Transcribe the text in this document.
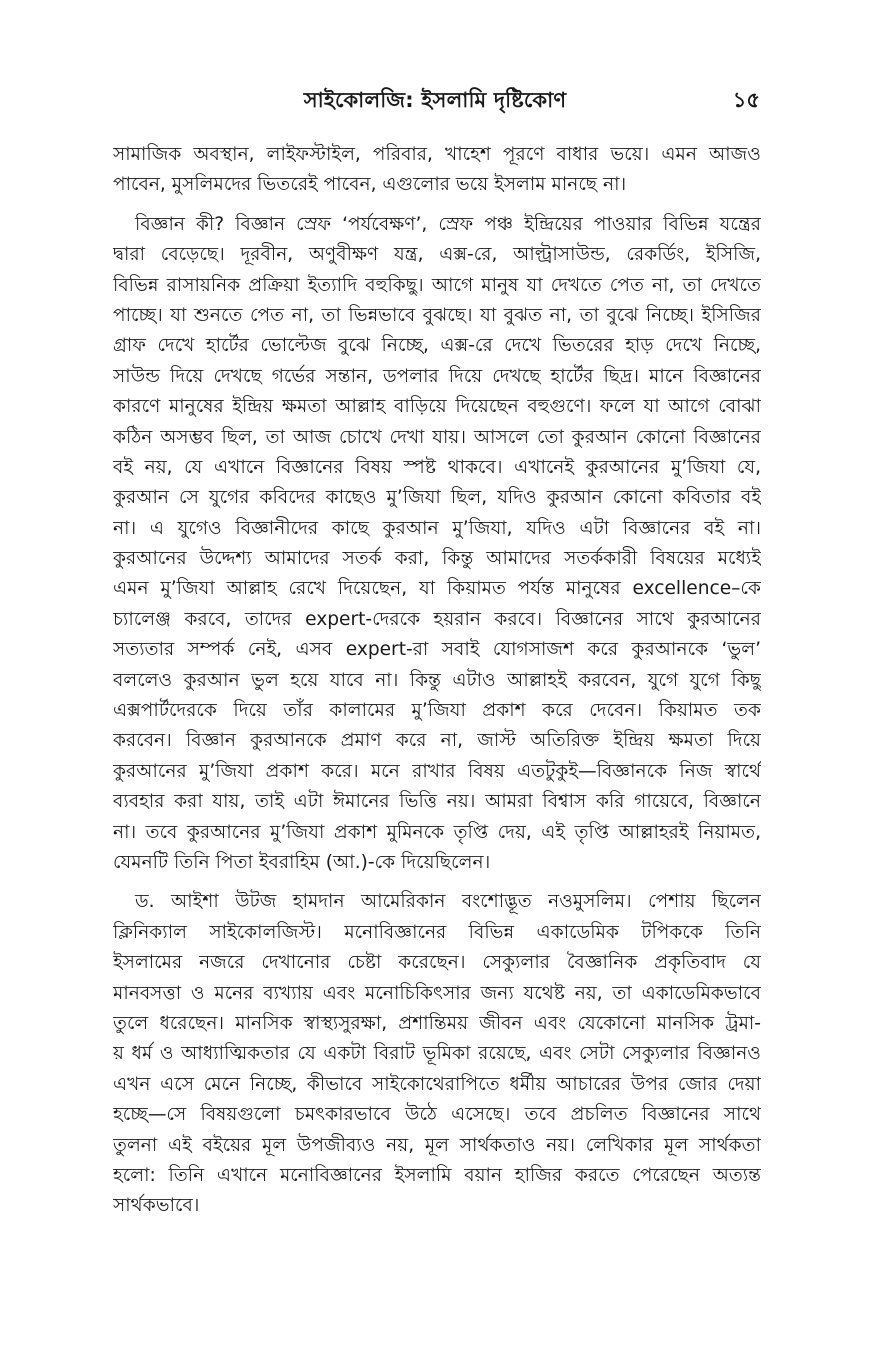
সাইকোলজি: ইসলামি দৃষ্টিকোণ	১৫
সামাজিক অবস্থান, লাইফস্টাইল, পরিবার, খাহেশ পূরণে বাধার ভয়ে। এমন আজও
পাবেন, মুসলিমদের ভিতরেই পাবেন, এগুলোর ভয়ে ইসলাম মানছে না।
বিজ্ঞান কী? বিজ্ঞান স্রেফ ‘পর্যবেক্ষণ’, স্রেফ পঞ্চ ইন্দ্রিয়ের পাওয়ার বিভিন্ন যন্ত্রের
দ্বারা বেড়েছে। দূরবীন, অণুবীক্ষণ যন্ত্র, এক্স-রে, আল্ট্রাসাউন্ড, রেকর্ডিং, ইসিজি,
বিভিন্ন রাসায়নিক প্রক্রিয়া ইত্যাদি বহুকিছু। আগে মানুষ যা দেখতে পেত না, তা দেখতে
পাচ্ছে। যা শুনতে পেত না, তা ভিন্নভাবে বুঝছে। যা বুঝত না, তা বুঝে নিচ্ছে। ইসিজির
গ্রাফ দেখে হার্টের ভোল্টেজ বুঝে নিচ্ছে, এক্স-রে দেখে ভিতরের হাড় দেখে নিচ্ছে,
সাউন্ড দিয়ে দেখছে গর্ভের সন্তান, ডপলার দিয়ে দেখছে হার্টের ছিদ্র। মানে বিজ্ঞানের
কারণে মানুষের ইন্দ্রিয় ক্ষমতা আল্লাহ বাড়িয়ে দিয়েছেন বহুগুণে। ফলে যা আগে বোঝা
কঠিন অসম্ভব ছিল, তা আজ চোখে দেখা যায়। আসলে তো কুরআন কোনো বিজ্ঞানের
বই নয়, যে এখানে বিজ্ঞানের বিষয় স্পষ্ট থাকবে। এখানেই কুরআনের মু’জিযা যে,
কুরআন সে যুগের কবিদের কাছেও মু’জিযা ছিল, যদিও কুরআন কোনো কবিতার বই
না। এ যুগেও বিজ্ঞানীদের কাছে কুরআন মু’জিযা, যদিও এটা বিজ্ঞানের বই না।
কুরআনের উদ্দেশ্য আমাদের সতর্ক করা, কিন্তু আমাদের সতর্ককারী বিষয়ের মধ্যেই
এমন মু’জিযা আল্লাহ রেখে দিয়েছেন, যা কিয়ামত পর্যন্ত মানুষের excellence–কে
চ্যালেঞ্জ করবে, তাদের expert-দেরকে হয়রান করবে। বিজ্ঞানের সাথে কুরআনের
সত্যতার সম্পর্ক নেই, এসব expert-রা সবাই যোগসাজশ করে কুরআনকে ‘ভুল’
বললেও কুরআন ভুল হয়ে যাবে না। কিন্তু এটাও আল্লাহই করবেন, যুগে যুগে কিছু
এক্সপার্টদেরকে দিয়ে তাঁর কালামের মু’জিযা প্রকাশ করে দেবেন। কিয়ামত তক
করবেন। বিজ্ঞান কুরআনকে প্রমাণ করে না, জাস্ট অতিরিক্ত ইন্দ্রিয় ক্ষমতা দিয়ে
কুরআনের মু’জিযা প্রকাশ করে। মনে রাখার বিষয় এতটুকুই—বিজ্ঞানকে নিজ স্বার্থে
ব্যবহার করা যায়, তাই এটা ঈমানের ভিত্তি নয়। আমরা বিশ্বাস করি গায়েবে, বিজ্ঞানে
না। তবে কুরআনের মু’জিযা প্রকাশ মুমিনকে তৃপ্তি দেয়, এই তৃপ্তি আল্লাহরই নিয়ামত,
যেমনটি তিনি পিতা ইবরাহিম (আ.)-কে দিয়েছিলেন।
ড. আইশা উটজ হামদান আমেরিকান বংশোদ্ভূত নওমুসলিম। পেশায় ছিলেন
ক্লিনিক্যাল সাইকোলজিস্ট। মনোবিজ্ঞানের বিভিন্ন একাডেমিক টপিককে তিনি
ইসলামের নজরে দেখানোর চেষ্টা করেছেন। সেক্যুলার বৈজ্ঞানিক প্রকৃতিবাদ যে
মানবসত্তা ও মনের ব্যখ্যায় এবং মনোচিকিৎসার জন্য যথেষ্ট নয়, তা একাডেমিকভাবে
তুলে ধরেছেন। মানসিক স্বাস্থ্যসুরক্ষা, প্রশান্তিময় জীবন এবং যেকোনো মানসিক ট্রমা-
য় ধর্ম ও আধ্যাত্মিকতার যে একটা বিরাট ভূমিকা রয়েছে, এবং সেটা সেক্যুলার বিজ্ঞানও
এখন এসে মেনে নিচ্ছে, কীভাবে সাইকোথেরাপিতে ধর্মীয় আচারের উপর জোর দেয়া
হচ্ছে—সে বিষয়গুলো চমৎকারভাবে উঠে এসেছে। তবে প্রচলিত বিজ্ঞানের সাথে
তুলনা এই বইয়ের মূল উপজীব্যও নয়, মূল সার্থকতাও নয়। লেখিকার মূল সার্থকতা
হলো: তিনি এখানে মনোবিজ্ঞানের ইসলামি বয়ান হাজির করতে পেরেছেন অত্যন্ত
সার্থকভাবে।
